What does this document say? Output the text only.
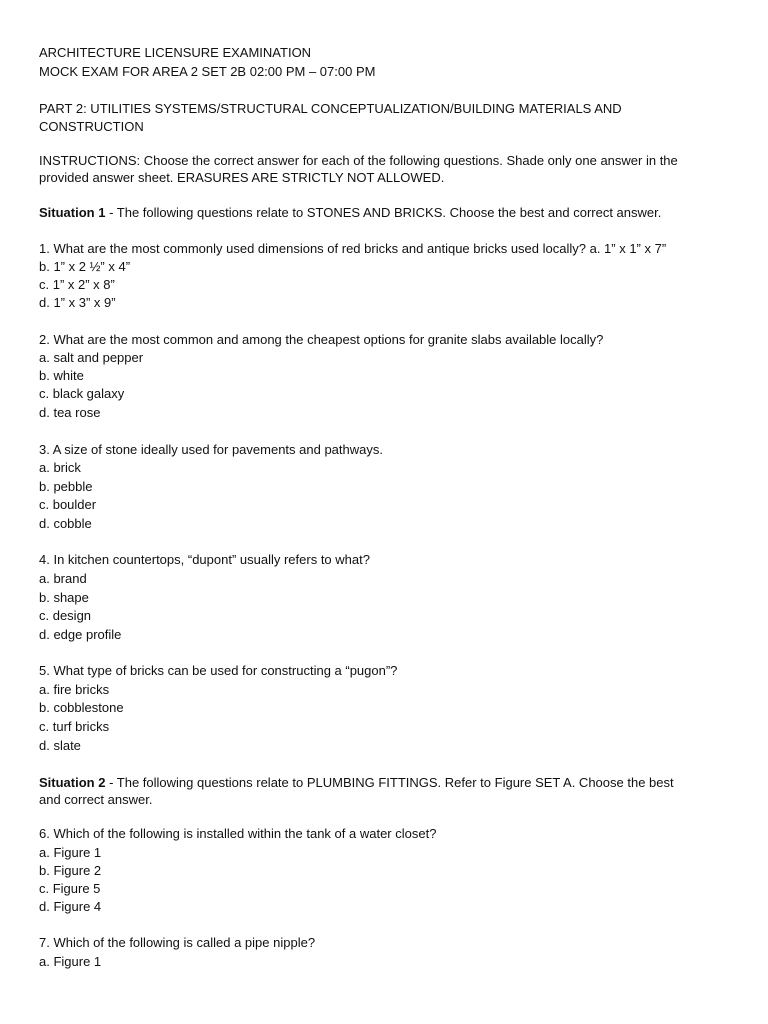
ARCHITECTURE LICENSURE EXAMINATION
MOCK EXAM FOR AREA 2 SET 2B 02:00 PM – 07:00 PM
PART 2: UTILITIES SYSTEMS/STRUCTURAL CONCEPTUALIZATION/BUILDING MATERIALS AND
CONSTRUCTION
INSTRUCTIONS: Choose the correct answer for each of the following questions. Shade only one answer in the
provided answer sheet. ERASURES ARE STRICTLY NOT ALLOWED.
Situation 1 - The following questions relate to STONES AND BRICKS. Choose the best and correct answer.
1. What are the most commonly used dimensions of red bricks and antique bricks used locally? a. 1” x 1” x 7”
b. 1” x 2 ½” x 4”
c. 1” x 2” x 8”
d. 1” x 3” x 9”
2. What are the most common and among the cheapest options for granite slabs available locally?
a. salt and pepper
b. white
c. black galaxy
d. tea rose
3. A size of stone ideally used for pavements and pathways.
a. brick
b. pebble
c. boulder
d. cobble
4. In kitchen countertops, “dupont” usually refers to what?
a. brand
b. shape
c. design
d. edge profile
5. What type of bricks can be used for constructing a “pugon”?
a. fire bricks
b. cobblestone
c. turf bricks
d. slate
Situation 2 - The following questions relate to PLUMBING FITTINGS. Refer to Figure SET A. Choose the best
and correct answer.
6. Which of the following is installed within the tank of a water closet?
a. Figure 1
b. Figure 2
c. Figure 5
d. Figure 4
7. Which of the following is called a pipe nipple?
a. Figure 1
